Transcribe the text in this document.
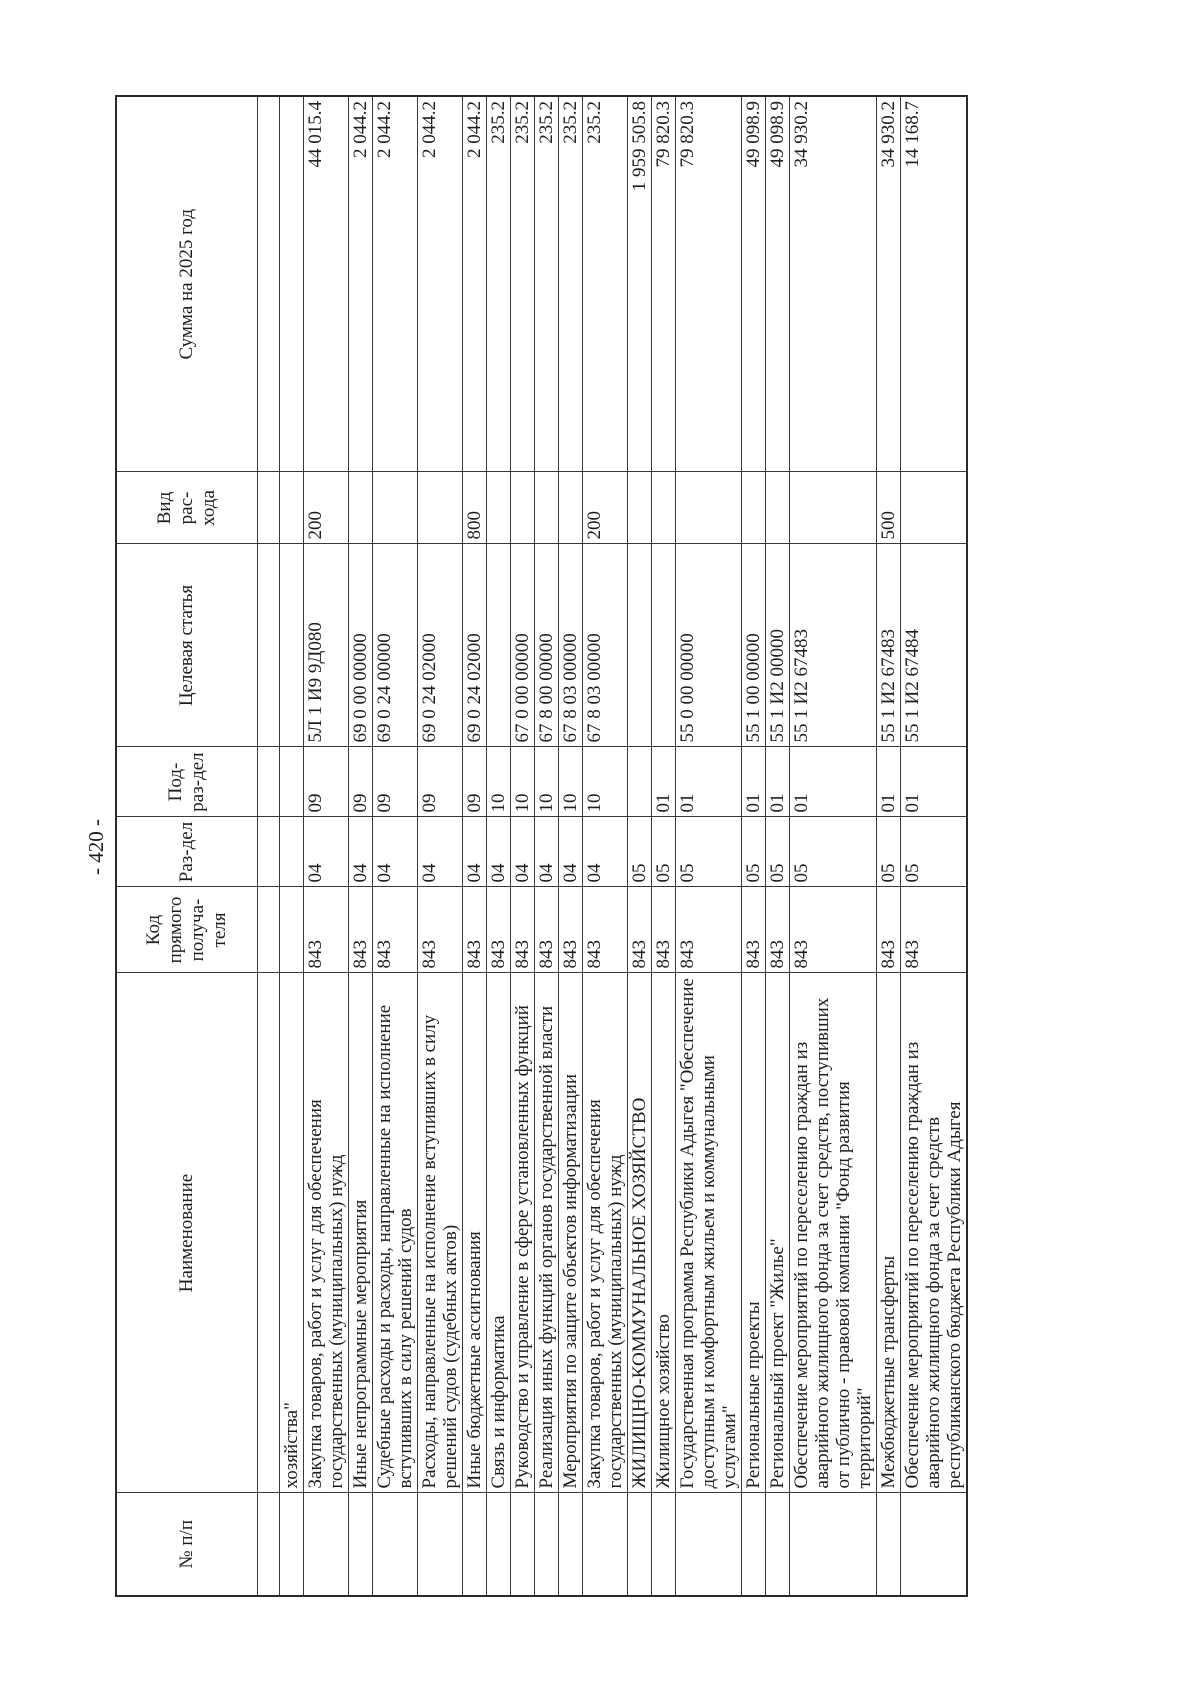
- 420 -
№ п/п	Наименование	Код прямого получа-теля	Раз-дел	Под-раз-дел	Целевая статья	Вид рас-хода	Сумма на 2025 год

	хозяйства"						
	Закупка товаров, работ и услуг для обеспечения государственных (муниципальных) нужд	843	04	09	5Л 1 И9 9Д080	200	44 015.4
	Иные непрограммные мероприятия	843	04	09	69 0 00 00000		2 044.2
	Судебные расходы и расходы, направленные на исполнение вступивших в силу решений судов	843	04	09	69 0 24 00000		2 044.2
	Расходы, направленные на исполнение вступивших в силу решений судов (судебных актов)	843	04	09	69 0 24 02000		2 044.2
	Иные бюджетные ассигнования	843	04	09	69 0 24 02000	800	2 044.2
	Связь и информатика	843	04	10			235.2
	Руководство и управление в сфере установленных функций	843	04	10	67 0 00 00000		235.2
	Реализация иных функций органов государственной власти	843	04	10	67 8 00 00000		235.2
	Мероприятия по защите объектов информатизации	843	04	10	67 8 03 00000		235.2
	Закупка товаров, работ и услуг для обеспечения государственных (муниципальных) нужд	843	04	10	67 8 03 00000	200	235.2
	ЖИЛИЩНО-КОММУНАЛЬНОЕ ХОЗЯЙСТВО	843	05				1 959 505.8
	Жилищное хозяйство	843	05	01			79 820.3
	Государственная программа Республики Адыгея "Обеспечение доступным и комфортным жильем и коммунальными услугами"	843	05	01	55 0 00 00000		79 820.3
	Региональные проекты	843	05	01	55 1 00 00000		49 098.9
	Региональный проект "Жилье"	843	05	01	55 1 И2 00000		49 098.9
	Обеспечение мероприятий по переселению граждан из аварийного жилищного фонда за счет средств, поступивших от публично - правовой компании "Фонд развития территорий"	843	05	01	55 1 И2 67483		34 930.2
	Межбюджетные трансферты	843	05	01	55 1 И2 67483	500	34 930.2
	Обеспечение мероприятий по переселению граждан из аварийного жилищного фонда за счет средств республиканского бюджета Республики Адыгея	843	05	01	55 1 И2 67484		14 168.7
